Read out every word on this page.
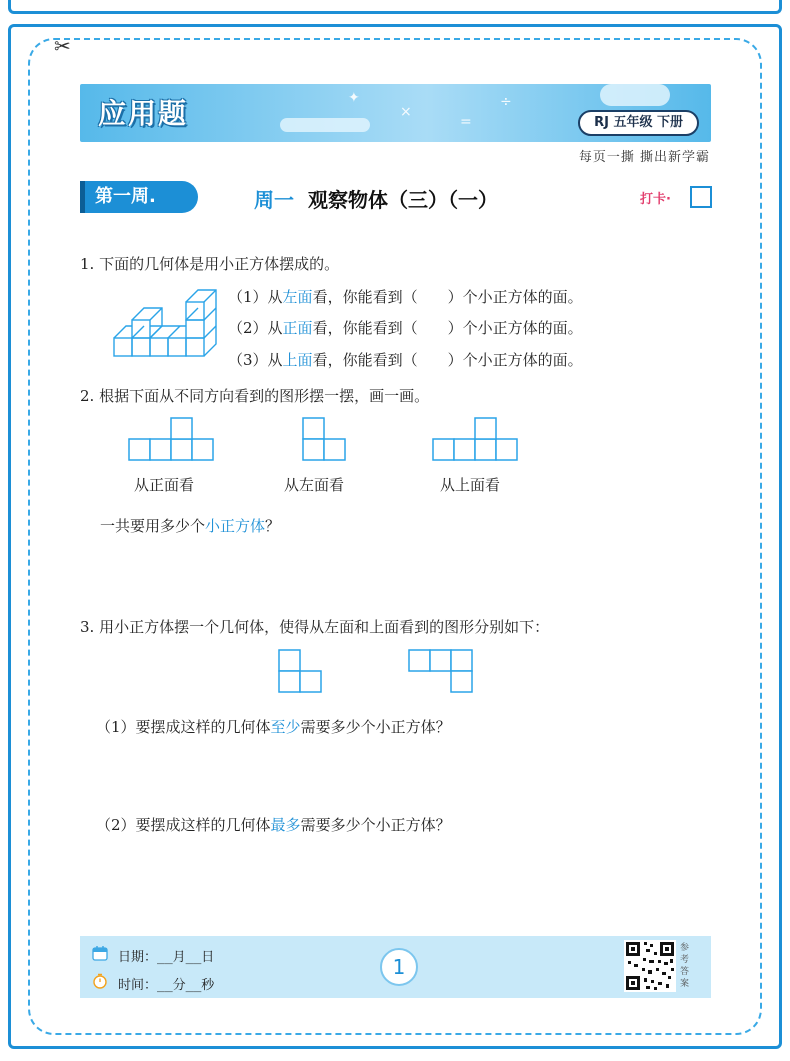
✂
✦
×
=
÷
应用题	RJ 五年级 下册
每页一撕 撕出新学霸
第一周.	周一 观察物体（三）（一）	打卡·
1. 下面的几何体是用小正方体摆成的。
（1）从左面看，你能看到（　　）个小正方体的面。
（2）从正面看，你能看到（　　）个小正方体的面。
（3）从上面看，你能看到（　　）个小正方体的面。
2. 根据下面从不同方向看到的图形摆一摆，画一画。
从正面看	从左面看	从上面看
一共要用多少个小正方体？
3. 用小正方体摆一个几何体，使得从左面和上面看到的图形分别如下：
（1）要摆成这样的几何体至少需要多少个小正方体？
（2）要摆成这样的几何体最多需要多少个小正方体？
日期：__月__日
时间：__分__秒
1
参考答案
